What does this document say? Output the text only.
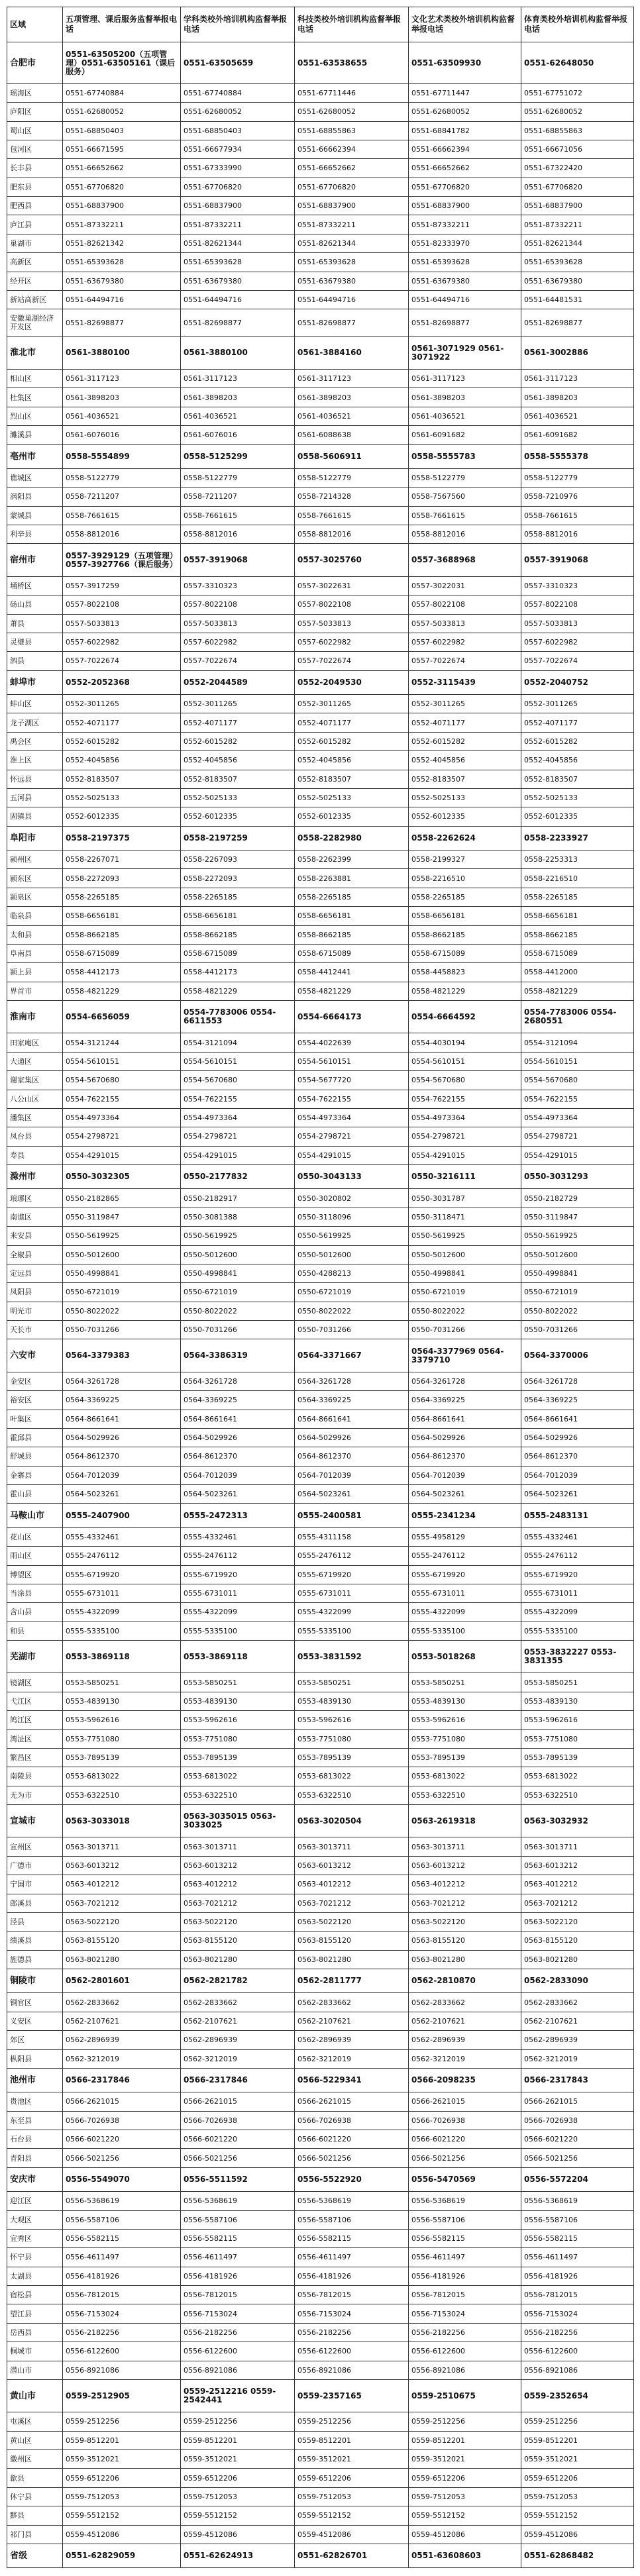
区域	五项管理、课后服务监督举报电话	学科类校外培训机构监督举报电话	科技类校外培训机构监督举报电话	文化艺术类校外培训机构监督举报电话	体育类校外培训机构监督举报电话
合肥市	0551-63505200（五项管理）0551-63505161（课后服务）	0551-63505659	0551-63538655	0551-63509930	0551-62648050
瑶海区	0551-67740884	0551-67740884	0551-67711446	0551-67711447	0551-67751072
庐阳区	0551-62680052	0551-62680052	0551-62680052	0551-62680052	0551-62680052
蜀山区	0551-68850403	0551-68850403	0551-68855863	0551-68841782	0551-68855863
包河区	0551-66671595	0551-66677934	0551-66662394	0551-66662394	0551-66671056
长丰县	0551-66652662	0551-67333990	0551-66652662	0551-66652662	0551-67322420
肥东县	0551-67706820	0551-67706820	0551-67706820	0551-67706820	0551-67706820
肥西县	0551-68837900	0551-68837900	0551-68837900	0551-68837900	0551-68837900
庐江县	0551-87332211	0551-87332211	0551-87332211	0551-87332211	0551-87332211
巢湖市	0551-82621342	0551-82621344	0551-82621344	0551-82333970	0551-82621344
高新区	0551-65393628	0551-65393628	0551-65393628	0551-65393628	0551-65393628
经开区	0551-63679380	0551-63679380	0551-63679380	0551-63679380	0551-63679380
新站高新区	0551-64494716	0551-64494716	0551-64494716	0551-64494716	0551-64481531
安徽巢湖经济开发区	0551-82698877	0551-82698877	0551-82698877	0551-82698877	0551-82698877
淮北市	0561-3880100	0561-3880100	0561-3884160	0561-3071929 0561-3071922	0561-3002886
相山区	0561-3117123	0561-3117123	0561-3117123	0561-3117123	0561-3117123
杜集区	0561-3898203	0561-3898203	0561-3898203	0561-3898203	0561-3898203
烈山区	0561-4036521	0561-4036521	0561-4036521	0561-4036521	0561-4036521
濉溪县	0561-6076016	0561-6076016	0561-6088638	0561-6091682	0561-6091682
亳州市	0558-5554899	0558-5125299	0558-5606911	0558-5555783	0558-5555378
谯城区	0558-5122779	0558-5122779	0558-5122779	0558-5122779	0558-5122779
涡阳县	0558-7211207	0558-7211207	0558-7214328	0558-7567560	0558-7210976
蒙城县	0558-7661615	0558-7661615	0558-7661615	0558-7661615	0558-7661615
利辛县	0558-8812016	0558-8812016	0558-8812016	0558-8812016	0558-8812016
宿州市	0557-3929129（五项管理）0557-3927766（课后服务）	0557-3919068	0557-3025760	0557-3688968	0557-3919068
埇桥区	0557-3917259	0557-3310323	0557-3022631	0557-3022031	0557-3310323
砀山县	0557-8022108	0557-8022108	0557-8022108	0557-8022108	0557-8022108
萧县	0557-5033813	0557-5033813	0557-5033813	0557-5033813	0557-5033813
灵璧县	0557-6022982	0557-6022982	0557-6022982	0557-6022982	0557-6022982
泗县	0557-7022674	0557-7022674	0557-7022674	0557-7022674	0557-7022674
蚌埠市	0552-2052368	0552-2044589	0552-2049530	0552-3115439	0552-2040752
蚌山区	0552-3011265	0552-3011265	0552-3011265	0552-3011265	0552-3011265
龙子湖区	0552-4071177	0552-4071177	0552-4071177	0552-4071177	0552-4071177
禹会区	0552-6015282	0552-6015282	0552-6015282	0552-6015282	0552-6015282
淮上区	0552-4045856	0552-4045856	0552-4045856	0552-4045856	0552-4045856
怀远县	0552-8183507	0552-8183507	0552-8183507	0552-8183507	0552-8183507
五河县	0552-5025133	0552-5025133	0552-5025133	0552-5025133	0552-5025133
固镇县	0552-6012335	0552-6012335	0552-6012335	0552-6012335	0552-6012335
阜阳市	0558-2197375	0558-2197259	0558-2282980	0558-2262624	0558-2233927
颍州区	0558-2267071	0558-2267093	0558-2262399	0558-2199327	0558-2253313
颍东区	0558-2272093	0558-2272093	0558-2263881	0558-2216510	0558-2216510
颍泉区	0558-2265185	0558-2265185	0558-2265185	0558-2265185	0558-2265185
临泉县	0558-6656181	0558-6656181	0558-6656181	0558-6656181	0558-6656181
太和县	0558-8662185	0558-8662185	0558-8662185	0558-8662185	0558-8662185
阜南县	0558-6715089	0558-6715089	0558-6715089	0558-6715089	0558-6715089
颍上县	0558-4412173	0558-4412173	0558-4412441	0558-4458823	0558-4412000
界首市	0558-4821229	0558-4821229	0558-4821229	0558-4821229	0558-4821229
淮南市	0554-6656059	0554-7783006 0554-6611553	0554-6664173	0554-6664592	0554-7783006 0554-2680551
田家庵区	0554-3121244	0554-3121094	0554-4022639	0554-4030194	0554-3121094
大通区	0554-5610151	0554-5610151	0554-5610151	0554-5610151	0554-5610151
谢家集区	0554-5670680	0554-5670680	0554-5677720	0554-5670680	0554-5670680
八公山区	0554-7622155	0554-7622155	0554-7622155	0554-7622155	0554-7622155
潘集区	0554-4973364	0554-4973364	0554-4973364	0554-4973364	0554-4973364
凤台县	0554-2798721	0554-2798721	0554-2798721	0554-2798721	0554-2798721
寿县	0554-4291015	0554-4291015	0554-4291015	0554-4291015	0554-4291015
滁州市	0550-3032305	0550-2177832	0550-3043133	0550-3216111	0550-3031293
琅琊区	0550-2182865	0550-2182917	0550-3020802	0550-3031787	0550-2182729
南谯区	0550-3119847	0550-3081388	0550-3118096	0550-3118471	0550-3119847
来安县	0550-5619925	0550-5619925	0550-5619925	0550-5619925	0550-5619925
全椒县	0550-5012600	0550-5012600	0550-5012600	0550-5012600	0550-5012600
定远县	0550-4998841	0550-4998841	0550-4288213	0550-4998841	0550-4998841
凤阳县	0550-6721019	0550-6721019	0550-6721019	0550-6721019	0550-6721019
明光市	0550-8022022	0550-8022022	0550-8022022	0550-8022022	0550-8022022
天长市	0550-7031266	0550-7031266	0550-7031266	0550-7031266	0550-7031266
六安市	0564-3379383	0564-3386319	0564-3371667	0564-3377969 0564-3379710	0564-3370006
金安区	0564-3261728	0564-3261728	0564-3261728	0564-3261728	0564-3261728
裕安区	0564-3369225	0564-3369225	0564-3369225	0564-3369225	0564-3369225
叶集区	0564-8661641	0564-8661641	0564-8661641	0564-8661641	0564-8661641
霍邱县	0564-5029926	0564-5029926	0564-5029926	0564-5029926	0564-5029926
舒城县	0564-8612370	0564-8612370	0564-8612370	0564-8612370	0564-8612370
金寨县	0564-7012039	0564-7012039	0564-7012039	0564-7012039	0564-7012039
霍山县	0564-5023261	0564-5023261	0564-5023261	0564-5023261	0564-5023261
马鞍山市	0555-2407900	0555-2472313	0555-2400581	0555-2341234	0555-2483131
花山区	0555-4332461	0555-4332461	0555-4311158	0555-4958129	0555-4332461
雨山区	0555-2476112	0555-2476112	0555-2476112	0555-2476112	0555-2476112
博望区	0555-6719920	0555-6719920	0555-6719920	0555-6719920	0555-6719920
当涂县	0555-6731011	0555-6731011	0555-6731011	0555-6731011	0555-6731011
含山县	0555-4322099	0555-4322099	0555-4322099	0555-4322099	0555-4322099
和县	0555-5335100	0555-5335100	0555-5335100	0555-5335100	0555-5335100
芜湖市	0553-3869118	0553-3869118	0553-3831592	0553-5018268	0553-3832227 0553-3831355
镜湖区	0553-5850251	0553-5850251	0553-5850251	0553-5850251	0553-5850251
弋江区	0553-4839130	0553-4839130	0553-4839130	0553-4839130	0553-4839130
鸠江区	0553-5962616	0553-5962616	0553-5962616	0553-5962616	0553-5962616
湾沚区	0553-7751080	0553-7751080	0553-7751080	0553-7751080	0553-7751080
繁昌区	0553-7895139	0553-7895139	0553-7895139	0553-7895139	0553-7895139
南陵县	0553-6813022	0553-6813022	0553-6813022	0553-6813022	0553-6813022
无为市	0553-6322510	0553-6322510	0553-6322510	0553-6322510	0553-6322510
宣城市	0563-3033018	0563-3035015 0563-3033025	0563-3020504	0563-2619318	0563-3032932
宣州区	0563-3013711	0563-3013711	0563-3013711	0563-3013711	0563-3013711
广德市	0563-6013212	0563-6013212	0563-6013212	0563-6013212	0563-6013212
宁国市	0563-4012212	0563-4012212	0563-4012212	0563-4012212	0563-4012212
郎溪县	0563-7021212	0563-7021212	0563-7021212	0563-7021212	0563-7021212
泾县	0563-5022120	0563-5022120	0563-5022120	0563-5022120	0563-5022120
绩溪县	0563-8155120	0563-8155120	0563-8155120	0563-8155120	0563-8155120
旌德县	0563-8021280	0563-8021280	0563-8021280	0563-8021280	0563-8021280
铜陵市	0562-2801601	0562-2821782	0562-2811777	0562-2810870	0562-2833090
铜官区	0562-2833662	0562-2833662	0562-2833662	0562-2833662	0562-2833662
义安区	0562-2107621	0562-2107621	0562-2107621	0562-2107621	0562-2107621
郊区	0562-2896939	0562-2896939	0562-2896939	0562-2896939	0562-2896939
枞阳县	0562-3212019	0562-3212019	0562-3212019	0562-3212019	0562-3212019
池州市	0566-2317846	0566-2317846	0566-5229341	0566-2098235	0566-2317843
贵池区	0566-2621015	0566-2621015	0566-2621015	0566-2621015	0566-2621015
东至县	0566-7026938	0566-7026938	0566-7026938	0566-7026938	0566-7026938
石台县	0566-6021220	0566-6021220	0566-6021220	0566-6021220	0566-6021220
青阳县	0566-5021256	0566-5021256	0566-5021256	0566-5021256	0566-5021256
安庆市	0556-5549070	0556-5511592	0556-5522920	0556-5470569	0556-5572204
迎江区	0556-5368619	0556-5368619	0556-5368619	0556-5368619	0556-5368619
大观区	0556-5587106	0556-5587106	0556-5587106	0556-5587106	0556-5587106
宜秀区	0556-5582115	0556-5582115	0556-5582115	0556-5582115	0556-5582115
怀宁县	0556-4611497	0556-4611497	0556-4611497	0556-4611497	0556-4611497
太湖县	0556-4181926	0556-4181926	0556-4181926	0556-4181926	0556-4181926
宿松县	0556-7812015	0556-7812015	0556-7812015	0556-7812015	0556-7812015
望江县	0556-7153024	0556-7153024	0556-7153024	0556-7153024	0556-7153024
岳西县	0556-2182256	0556-2182256	0556-2182256	0556-2182256	0556-2182256
桐城市	0556-6122600	0556-6122600	0556-6122600	0556-6122600	0556-6122600
潜山市	0556-8921086	0556-8921086	0556-8921086	0556-8921086	0556-8921086
黄山市	0559-2512905	0559-2512216 0559-2542441	0559-2357165	0559-2510675	0559-2352654
屯溪区	0559-2512256	0559-2512256	0559-2512256	0559-2512256	0559-2512256
黄山区	0559-8512201	0559-8512201	0559-8512201	0559-8512201	0559-8512201
徽州区	0559-3512021	0559-3512021	0559-3512021	0559-3512021	0559-3512021
歙县	0559-6512206	0559-6512206	0559-6512206	0559-6512206	0559-6512206
休宁县	0559-7512053	0559-7512053	0559-7512053	0559-7512053	0559-7512053
黟县	0559-5512152	0559-5512152	0559-5512152	0559-5512152	0559-5512152
祁门县	0559-4512086	0559-4512086	0559-4512086	0559-4512086	0559-4512086
省级	0551-62829059	0551-62624913	0551-62826701	0551-63608603	0551-62868482
